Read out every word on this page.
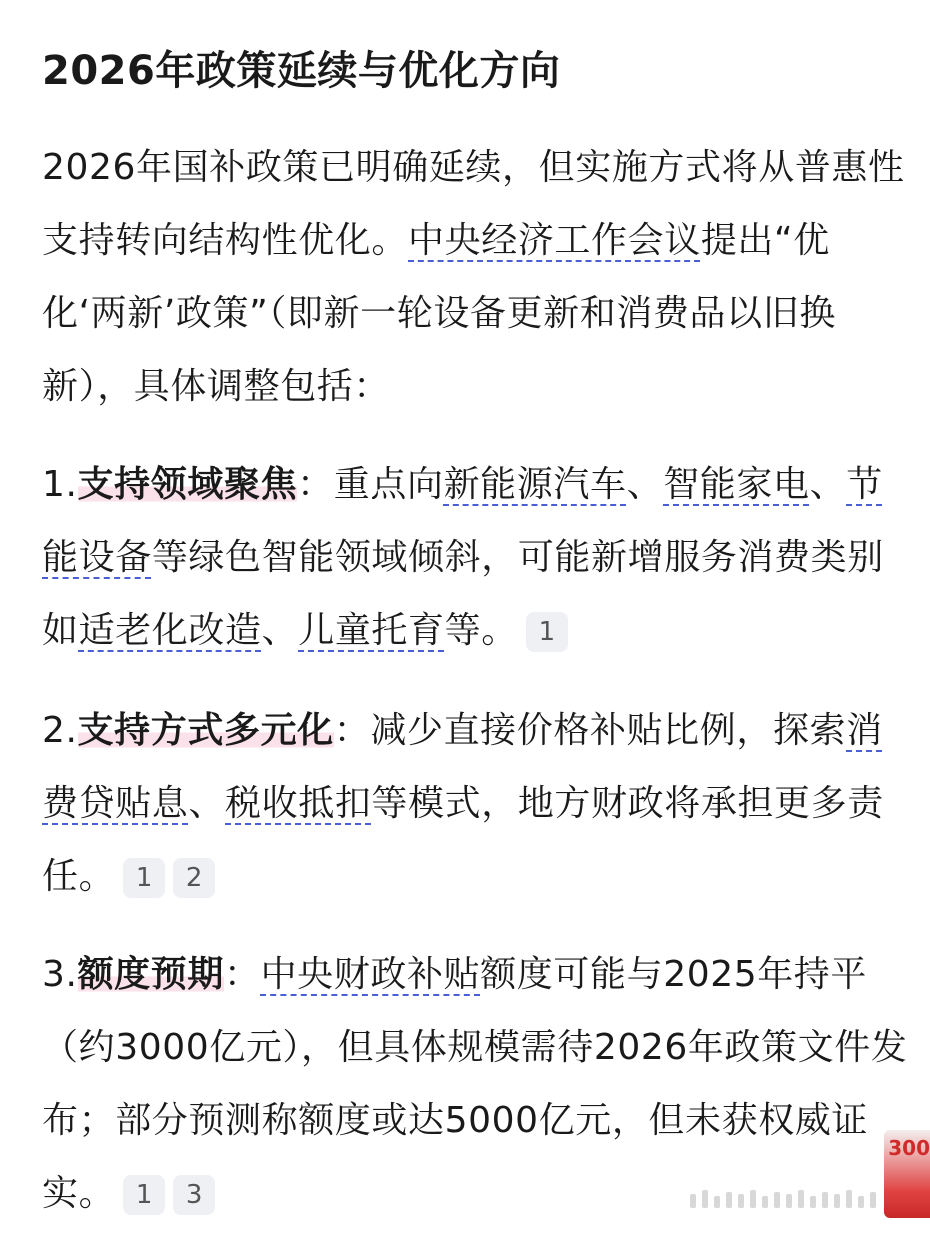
2026年政策延续与优化方向
2026年国补政策已明确延续，但实施方式将从普惠性支持转向结构性优化。中央经济工作会议提出“优化‘两新’政策”（即新一轮设备更新和消费品以旧换新），具体调整包括：
1.支持领域聚焦：重点向新能源汽车、智能家电、节能设备等绿色智能领域倾斜，可能新增服务消费类别如适老化改造、儿童托育等。 1
2.支持方式多元化：减少直接价格补贴比例，探索消费贷贴息、税收抵扣等模式，地方财政将承担更多责任。 1 2
3.额度预期：中央财政补贴额度可能与2025年持平（约3000亿元），但具体规模需待2026年政策文件发布；部分预测称额度或达5000亿元，但未获权威证实。 1 3
300
